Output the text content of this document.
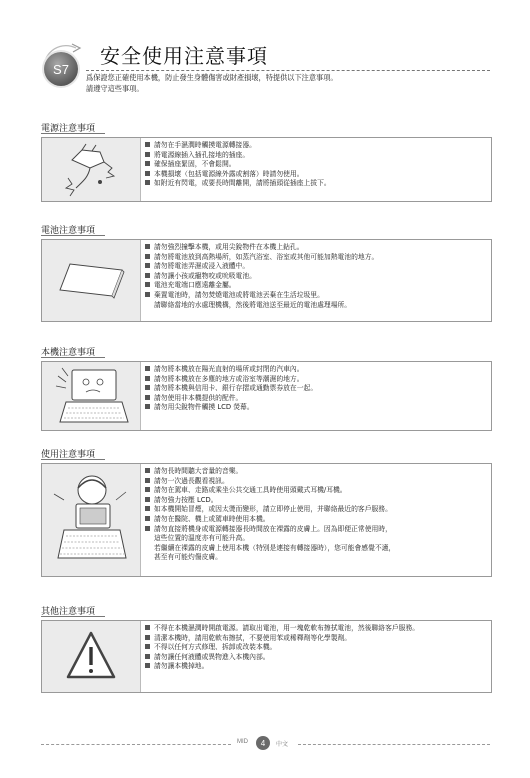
S7
安全使用注意事項
爲保證您正確使用本機，防止發生身體傷害或財產損壞，特提供以下注意事項。
請遵守這些事項。
電源注意事項
請勿在手濕潤時觸摸電源轉接器。
將電源線插入插孔接地的插座。
確保插座緊固，不會鬆開。
本機損壞（包括電源線外露或割落）時請勿使用。
如附近有閃電，或要長時間離開，請將插頭從插座上拔下。
電池注意事項
請勿強烈撞擊本機，或用尖銳物件在本機上鉆孔。
請勿將電池放到高熱場所，如蒸汽浴室、浴室或其他可能加熱電池的地方。
請勿將電池弄濕或浸入液體中。
請勿讓小孩或寵物咬或吮吸電池。
電池充電端口應遠離金屬。
棄置電池時，請勿焚燒電池或將電池丟棄在生活垃圾里。
請聯絡當地的水處理機構，然後將電池送至最近的電池處理場所。
本機注意事項
請勿將本機放在陽光直射的場所或封閉的汽車內。
請勿將本機放在多塵的地方或浴室等潮濕的地方。
請勿將本機與信用卡、銀行存摺或通勤票券放在一起。
請勿使用非本機提供的配件。
請勿用尖銳物件觸摸 LCD 熒幕。
使用注意事項
請勿長時間聽大音量的音樂。
請勿一次過長觀看視訊。
請勿在駕車、走路或乘坐公共交通工具時使用頭戴式耳機/耳機。
請勿強力按壓 LCD。
如本機開始冒煙，或因太燙而變形，請立即停止使用，并聯絡最近的客戶服務。
請勿在醫院、機上或駕車時使用本機。
請勿直接將機身或電源轉接器長時間放在裸露的皮膚上。因為即便正常使用時，
這些位置的溫度亦有可能升高。
若繼續在裸露的皮膚上使用本機（特別是連接有轉接器時），您可能會感覺不適，
甚至有可能灼傷皮膚。
其他注意事項
不得在本機濕潤時開啟電源。請取出電池，用一塊乾軟布擦拭電池，然後聯絡客戶服務。
清潔本機時，請用乾軟布擦拭，不要使用苯或稀釋劑等化學製劑。
不得以任何方式修理、拆卸或改裝本機。
請勿讓任何液體或異物進入本機內部。
請勿讓本機掉地。
MID	4	中文
